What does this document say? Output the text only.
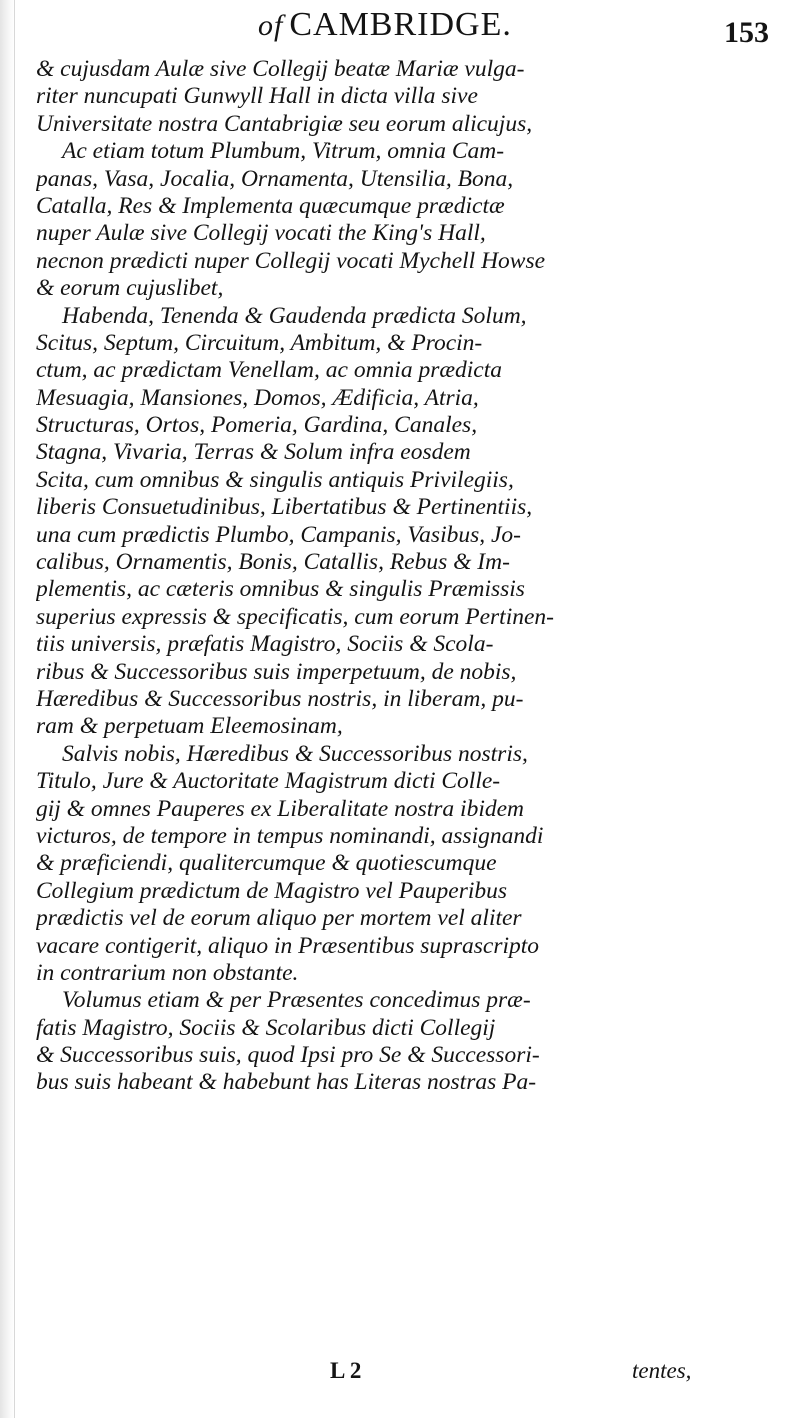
of CAMBRIDGE.	153
& cujusdam Aulæ sive Collegij beatæ Mariæ vulga-
riter nuncupati Gunwyll Hall in dicta villa sive
Universitate nostra Cantabrigiæ seu eorum alicujus,
Ac etiam totum Plumbum, Vitrum, omnia Cam-
panas, Vasa, Jocalia, Ornamenta, Utensilia, Bona,
Catalla, Res & Implementa quæcumque prædictæ
nuper Aulæ sive Collegij vocati the King's Hall,
necnon prædicti nuper Collegij vocati Mychell Howse
& eorum cujuslibet,
Habenda, Tenenda & Gaudenda prædicta Solum,
Scitus, Septum, Circuitum, Ambitum, & Procin-
ctum, ac prædictam Venellam, ac omnia prædicta
Mesuagia, Mansiones, Domos, Ædificia, Atria,
Structuras, Ortos, Pomeria, Gardina, Canales,
Stagna, Vivaria, Terras & Solum infra eosdem
Scita, cum omnibus & singulis antiquis Privilegiis,
liberis Consuetudinibus, Libertatibus & Pertinentiis,
una cum prædictis Plumbo, Campanis, Vasibus, Jo-
calibus, Ornamentis, Bonis, Catallis, Rebus & Im-
plementis, ac cæteris omnibus & singulis Præmissis
superius expressis & specificatis, cum eorum Pertinen-
tiis universis, præfatis Magistro, Sociis & Scola-
ribus & Successoribus suis imperpetuum, de nobis,
Hæredibus & Successoribus nostris, in liberam, pu-
ram & perpetuam Eleemosinam,
Salvis nobis, Hæredibus & Successoribus nostris,
Titulo, Jure & Auctoritate Magistrum dicti Colle-
gij & omnes Pauperes ex Liberalitate nostra ibidem
victuros, de tempore in tempus nominandi, assignandi
& præficiendi, qualitercumque & quotiescumque
Collegium prædictum de Magistro vel Pauperibus
prædictis vel de eorum aliquo per mortem vel aliter
vacare contigerit, aliquo in Præsentibus suprascripto
in contrarium non obstante.
Volumus etiam & per Præsentes concedimus præ-
fatis Magistro, Sociis & Scolaribus dicti Collegij
& Successoribus suis, quod Ipsi pro Se & Successori-
bus suis habeant & habebunt has Literas nostras Pa-
L 2	tentes,
